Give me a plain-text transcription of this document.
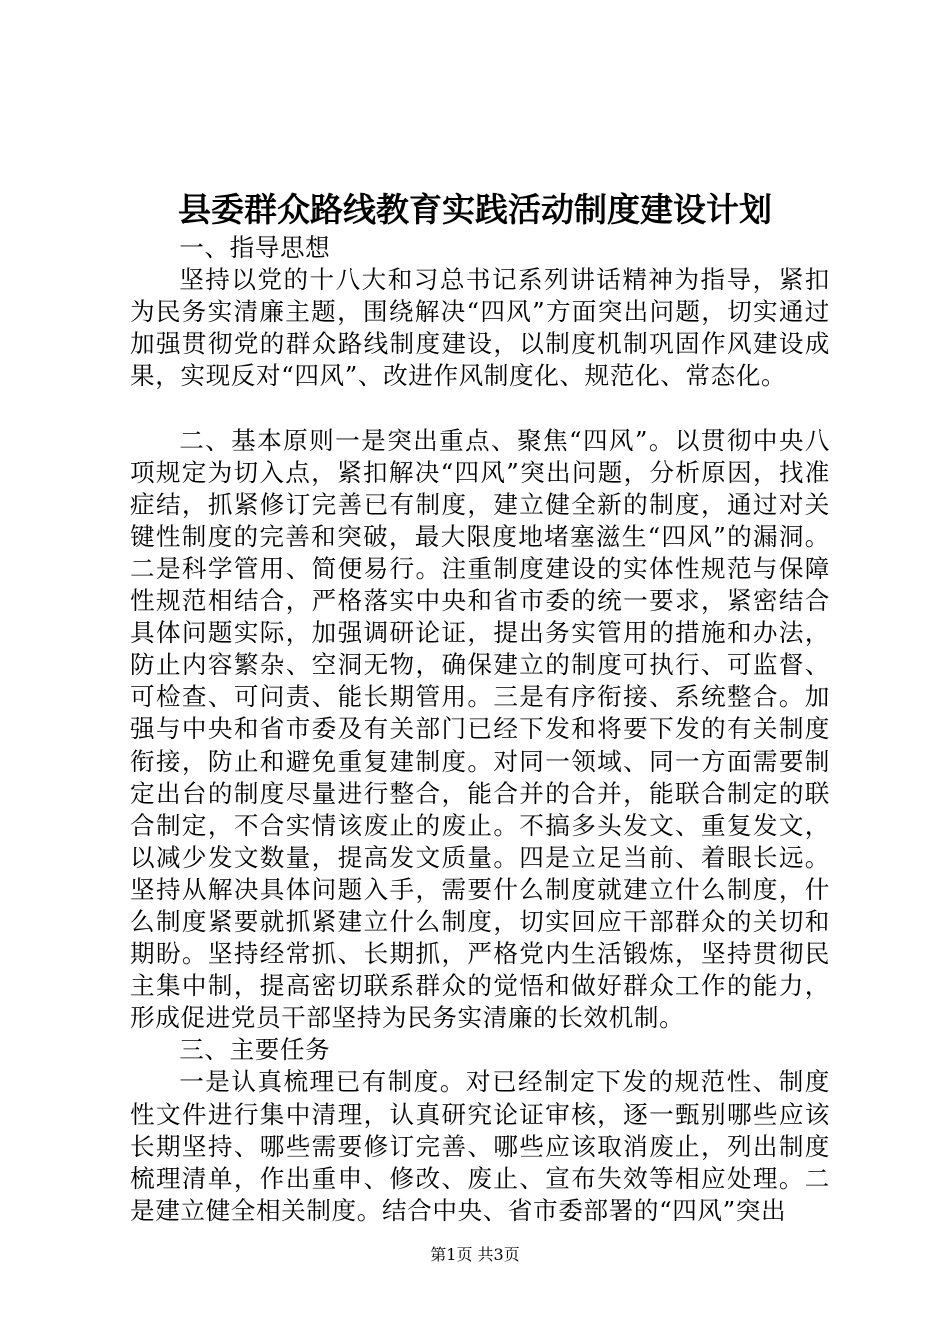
县委群众路线教育实践活动制度建设计划

一、指导思想

坚持以党的十八大和习总书记系列讲话精神为指导，紧扣为民务实清廉主题，围绕解决“四风”方面突出问题，切实通过加强贯彻党的群众路线制度建设，以制度机制巩固作风建设成果，实现反对“四风”、改进作风制度化、规范化、常态化。

二、基本原则一是突出重点、聚焦“四风”。以贯彻中央八项规定为切入点，紧扣解决“四风”突出问题，分析原因，找准症结，抓紧修订完善已有制度，建立健全新的制度，通过对关键性制度的完善和突破，最大限度地堵塞滋生“四风”的漏洞。二是科学管用、简便易行。注重制度建设的实体性规范与保障性规范相结合，严格落实中央和省市委的统一要求，紧密结合具体问题实际，加强调研论证，提出务实管用的措施和办法，防止内容繁杂、空洞无物，确保建立的制度可执行、可监督、可检查、可问责、能长期管用。三是有序衔接、系统整合。加强与中央和省市委及有关部门已经下发和将要下发的有关制度衔接，防止和避免重复建制度。对同一领域、同一方面需要制定出台的制度尽量进行整合，能合并的合并，能联合制定的联合制定，不合实情该废止的废止。不搞多头发文、重复发文，以减少发文数量，提高发文质量。四是立足当前、着眼长远。坚持从解决具体问题入手，需要什么制度就建立什么制度，什么制度紧要就抓紧建立什么制度，切实回应干部群众的关切和期盼。坚持经常抓、长期抓，严格党内生活锻炼，坚持贯彻民主集中制，提高密切联系群众的觉悟和做好群众工作的能力，形成促进党员干部坚持为民务实清廉的长效机制。

三、主要任务

一是认真梳理已有制度。对已经制定下发的规范性、制度性文件进行集中清理，认真研究论证审核，逐一甄别哪些应该长期坚持、哪些需要修订完善、哪些应该取消废止，列出制度梳理清单，作出重申、修改、废止、宣布失效等相应处理。二是建立健全相关制度。结合中央、省市委部署的“四风”突出

第1页 共3页
